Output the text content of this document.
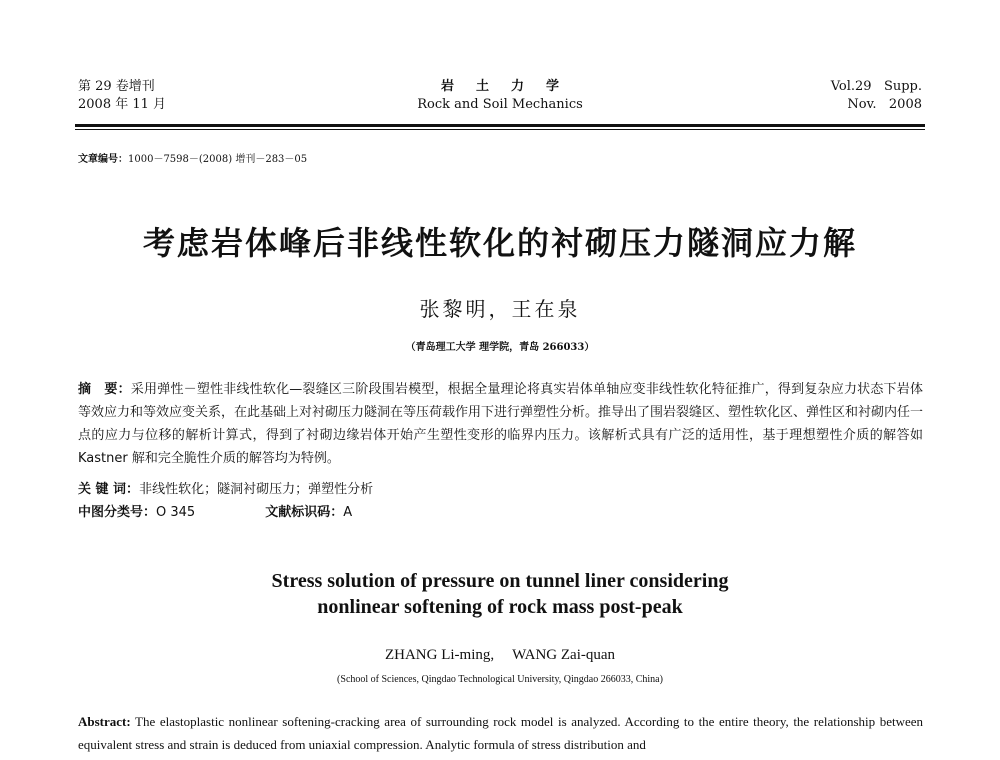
第 29 卷增刊
2008 年 11 月
岩土力学
Rock and Soil Mechanics
Vol.29   Supp.
Nov.   2008
文章编号：1000－7598－(2008) 增刊－283－05
考虑岩体峰后非线性软化的衬砌压力隧洞应力解
张黎明，王在泉
（青岛理工大学 理学院，青岛 266033）
摘　要：采用弹性－塑性非线性软化—裂缝区三阶段围岩模型，根据全量理论将真实岩体单轴应变非线性软化特征推广，得到复杂应力状态下岩体等效应力和等效应变关系，在此基础上对衬砌压力隧洞在等压荷载作用下进行弹塑性分析。推导出了围岩裂缝区、塑性软化区、弹性区和衬砌内任一点的应力与位移的解析计算式，得到了衬砌边缘岩体开始产生塑性变形的临界内压力。该解析式具有广泛的适用性，基于理想塑性介质的解答如 Kastner 解和完全脆性介质的解答均为特例。
关 键 词：非线性软化；隧洞衬砌压力；弹塑性分析
中图分类号：O 345	文献标识码：A
Stress solution of pressure on tunnel liner considering
nonlinear softening of rock mass post-peak
ZHANG Li-ming, WANG Zai-quan
(School of Sciences, Qingdao Technological University, Qingdao 266033, China)
Abstract: The elastoplastic nonlinear softening-cracking area of surrounding rock model is analyzed. According to the entire theory, the relationship between equivalent stress and strain is deduced from uniaxial compression. Analytic formula of stress distribution and
